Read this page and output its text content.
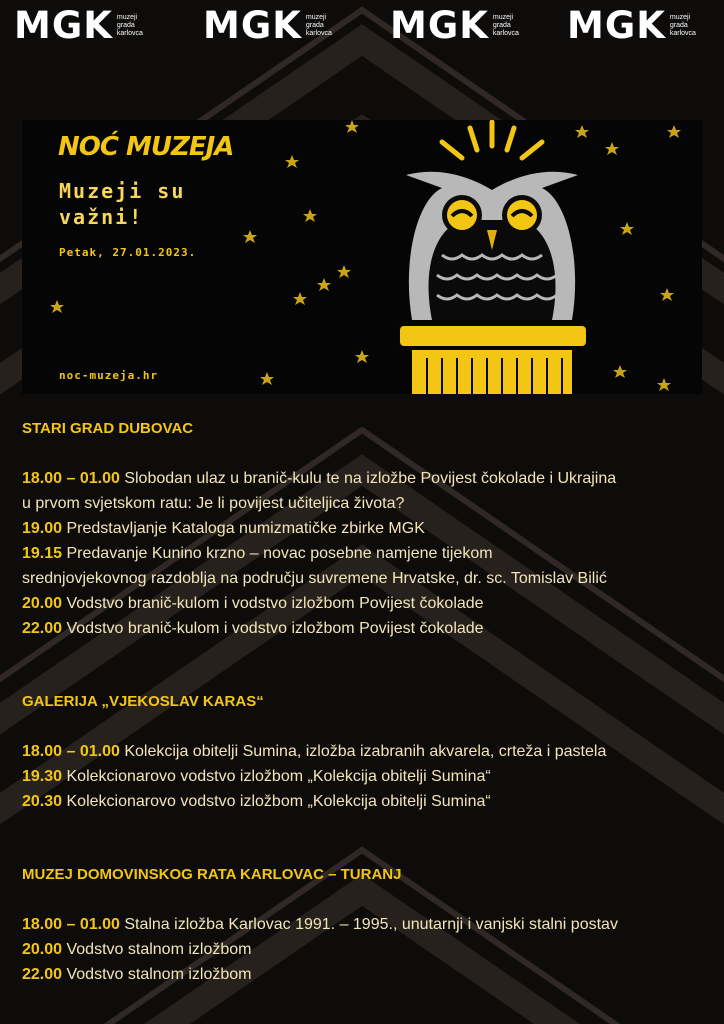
MGK muzeji
grada
karlovca MGK muzeji
grada
karlovca MGK muzeji
grada
karlovca MGK muzeji
grada
karlovca
NOĆ MUZEJA
Muzeji su važni!
Petak, 27.01.2023.
noc-muzeja.hr
STARI GRAD DUBOVAC
18.00 – 01.00 Slobodan ulaz u branič-kulu te na izložbe Povijest čokolade i Ukrajina
u prvom svjetskom ratu: Je li povijest učiteljica života?
19.00 Predstavljanje Kataloga numizmatičke zbirke MGK
19.15 Predavanje Kunino krzno – novac posebne namjene tijekom
srednjovjekovnog razdoblja na području suvremene Hrvatske, dr. sc. Tomislav Bilić
20.00 Vodstvo branič-kulom i vodstvo izložbom Povijest čokolade
22.00 Vodstvo branič-kulom i vodstvo izložbom Povijest čokolade
GALERIJA „VJEKOSLAV KARAS“
18.00 – 01.00 Kolekcija obitelji Sumina, izložba izabranih akvarela, crteža i pastela
19.30 Kolekcionarovo vodstvo izložbom „Kolekcija obitelji Sumina“
20.30 Kolekcionarovo vodstvo izložbom „Kolekcija obitelji Sumina“
MUZEJ DOMOVINSKOG RATA KARLOVAC – TURANJ
18.00 – 01.00 Stalna izložba Karlovac 1991. – 1995., unutarnji i vanjski stalni postav
20.00 Vodstvo stalnom izložbom
22.00 Vodstvo stalnom izložbom
